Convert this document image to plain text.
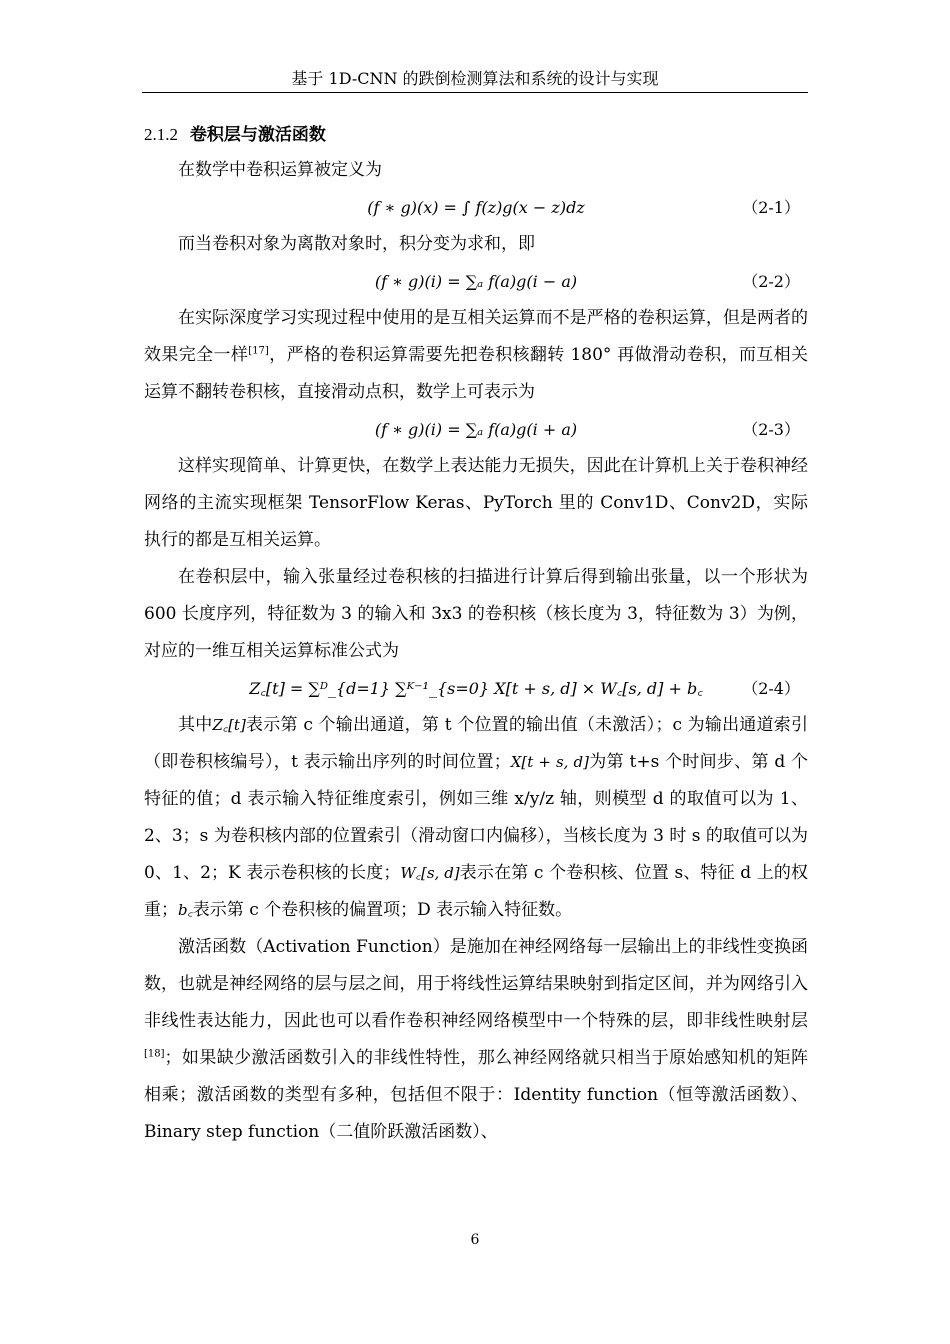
基于 1D-CNN 的跌倒检测算法和系统的设计与实现

2.1.2 卷积层与激活函数

在数学中卷积运算被定义为

(f ∗ g)(x) = ∫ f(z)g(x − z)dz	（2-1）

而当卷积对象为离散对象时，积分变为求和，即

(f ∗ g)(i) = ∑ₐ f(a)g(i − a)	（2-2）

在实际深度学习实现过程中使用的是互相关运算而不是严格的卷积运算，但是两者的效果完全一样[17]，严格的卷积运算需要先把卷积核翻转 180° 再做滑动卷积，而互相关运算不翻转卷积核，直接滑动点积，数学上可表示为

(f ∗ g)(i) = ∑ₐ f(a)g(i + a)	（2-3）

这样实现简单、计算更快，在数学上表达能力无损失，因此在计算机上关于卷积神经网络的主流实现框架 TensorFlow Keras、PyTorch 里的 Conv1D、Conv2D，实际执行的都是互相关运算。

在卷积层中，输入张量经过卷积核的扫描进行计算后得到输出张量，以一个形状为 600 长度序列，特征数为 3 的输入和 3x3 的卷积核（核长度为 3，特征数为 3）为例，对应的一维互相关运算标准公式为

Z꜀[t] = ∑ᴰ_{d=1} ∑ᴷ⁻¹_{s=0} X[t + s, d] × W꜀[s, d] + b꜀	（2-4）

其中Z꜀[t]表示第 c 个输出通道，第 t 个位置的输出值（未激活）；c 为输出通道索引（即卷积核编号），t 表示输出序列的时间位置；X[t + s, d]为第 t+s 个时间步、第 d 个特征的值；d 表示输入特征维度索引，例如三维 x/y/z 轴，则模型 d 的取值可以为 1、2、3；s 为卷积核内部的位置索引（滑动窗口内偏移），当核长度为 3 时 s 的取值可以为 0、1、2；K 表示卷积核的长度；W꜀[s, d]表示在第 c 个卷积核、位置 s、特征 d 上的权重；b꜀表示第 c 个卷积核的偏置项；D 表示输入特征数。

激活函数（Activation Function）是施加在神经网络每一层输出上的非线性变换函数，也就是神经网络的层与层之间，用于将线性运算结果映射到指定区间，并为网络引入非线性表达能力，因此也可以看作卷积神经网络模型中一个特殊的层，即非线性映射层[18]；如果缺少激活函数引入的非线性特性，那么神经网络就只相当于原始感知机的矩阵相乘；激活函数的类型有多种，包括但不限于：Identity function（恒等激活函数）、Binary step function（二值阶跃激活函数）、

6
